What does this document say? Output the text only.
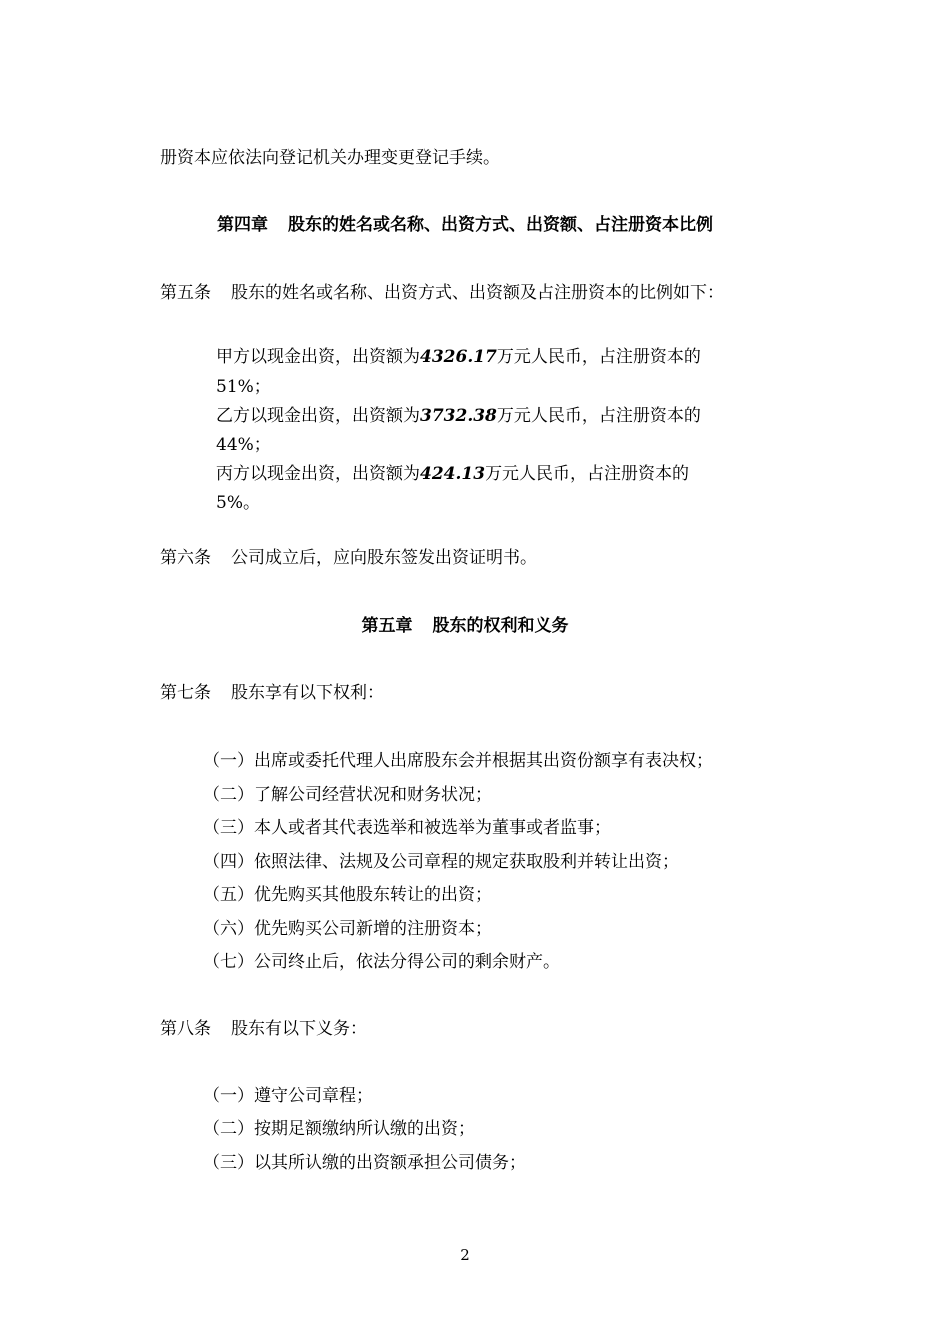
册资本应依法向登记机关办理变更登记手续。
第四章 股东的姓名或名称、出资方式、出资额、占注册资本比例
第五条 股东的姓名或名称、出资方式、出资额及占注册资本的比例如下：
甲方以现金出资，出资额为4326.17万元人民币，占注册资本的
51%；
乙方以现金出资，出资额为3732.38万元人民币，占注册资本的
44%；
丙方以现金出资，出资额为424.13万元人民币，占注册资本的
5%。
第六条 公司成立后，应向股东签发出资证明书。
第五章 股东的权利和义务
第七条 股东享有以下权利：
（一）出席或委托代理人出席股东会并根据其出资份额享有表决权；
（二）了解公司经营状况和财务状况；
（三）本人或者其代表选举和被选举为董事或者监事；
（四）依照法律、法规及公司章程的规定获取股利并转让出资；
（五）优先购买其他股东转让的出资；
（六）优先购买公司新增的注册资本；
（七）公司终止后，依法分得公司的剩余财产。
第八条 股东有以下义务：
（一）遵守公司章程；
（二）按期足额缴纳所认缴的出资；
（三）以其所认缴的出资额承担公司债务；
2
